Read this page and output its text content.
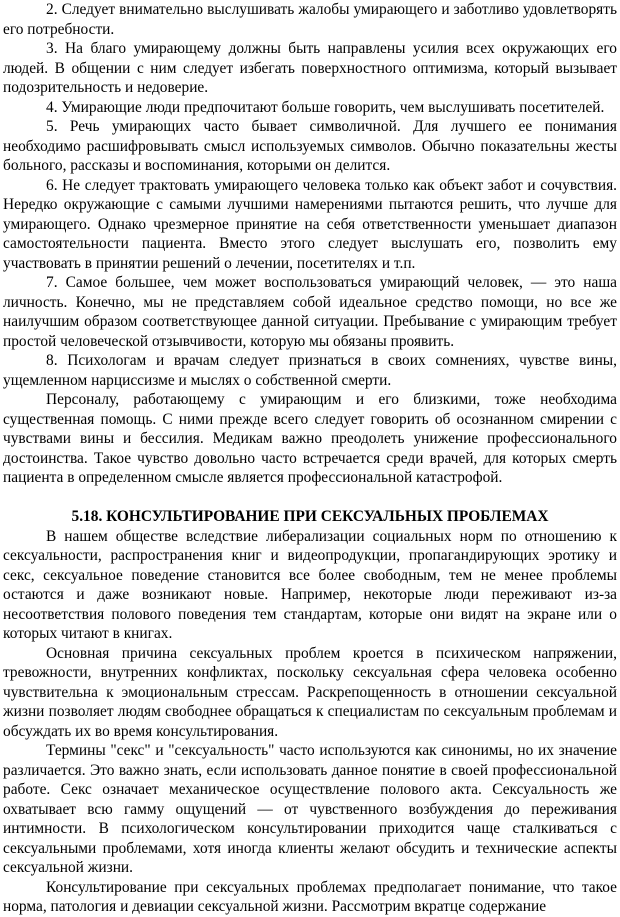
2. Следует внимательно выслушивать жалобы умирающего и заботливо удовлетворять его потребности.

3. На благо умирающему должны быть направлены усилия всех окружающих его людей. В общении с ним следует избегать поверхностного оптимизма, который вызывает подозрительность и недоверие.

4. Умирающие люди предпочитают больше говорить, чем выслушивать посетителей.

5. Речь умирающих часто бывает символичной. Для лучшего ее понимания необходимо расшифровывать смысл используемых символов. Обычно показательны жесты больного, рассказы и воспоминания, которыми он делится.

6. Не следует трактовать умирающего человека только как объект забот и сочувствия. Нередко окружающие с самыми лучшими намерениями пытаются решить, что лучше для умирающего. Однако чрезмерное принятие на себя ответственности уменьшает диапазон самостоятельности пациента. Вместо этого следует выслушать его, позволить ему участвовать в принятии решений о лечении, посетителях и т.п.

7. Самое большее, чем может воспользоваться умирающий человек, — это наша личность. Конечно, мы не представляем собой идеальное средство помощи, но все же наилучшим образом соответствующее данной ситуации. Пребывание с умирающим требует простой человеческой отзывчивости, которую мы обязаны проявить.

8. Психологам и врачам следует признаться в своих сомнениях, чувстве вины, ущемленном нарциссизме и мыслях о собственной смерти.

Персоналу, работающему с умирающим и его близкими, тоже необходима существенная помощь. С ними прежде всего следует говорить об осознанном смирении с чувствами вины и бессилия. Медикам важно преодолеть унижение профессионального достоинства. Такое чувство довольно часто встречается среди врачей, для которых смерть пациента в определенном смысле является профессиональной катастрофой.

5.18. КОНСУЛЬТИРОВАНИЕ ПРИ СЕКСУАЛЬНЫХ ПРОБЛЕМАХ

В нашем обществе вследствие либерализации социальных норм по отношению к сексуальности, распространения книг и видеопродукции, пропагандирующих эротику и секс, сексуальное поведение становится все более свободным, тем не менее проблемы остаются и даже возникают новые. Например, некоторые люди переживают из-за несоответствия полового поведения тем стандартам, которые они видят на экране или о которых читают в книгах.

Основная причина сексуальных проблем кроется в психическом напряжении, тревожности, внутренних конфликтах, поскольку сексуальная сфера человека особенно чувствительна к эмоциональным стрессам. Раскрепощенность в отношении сексуальной жизни позволяет людям свободнее обращаться к специалистам по сексуальным проблемам и обсуждать их во время консультирования.

Термины "секс" и "сексуальность" часто используются как синонимы, но их значение различается. Это важно знать, если использовать данное понятие в своей профессиональной работе. Секс означает механическое осуществление полового акта. Сексуальность же охватывает всю гамму ощущений — от чувственного возбуждения до переживания интимности. В психологическом консультировании приходится чаще сталкиваться с сексуальными проблемами, хотя иногда клиенты желают обсудить и технические аспекты сексуальной жизни.

Консультирование при сексуальных проблемах предполагает понимание, что такое норма, патология и девиации сексуальной жизни. Рассмотрим вкратце содержание
